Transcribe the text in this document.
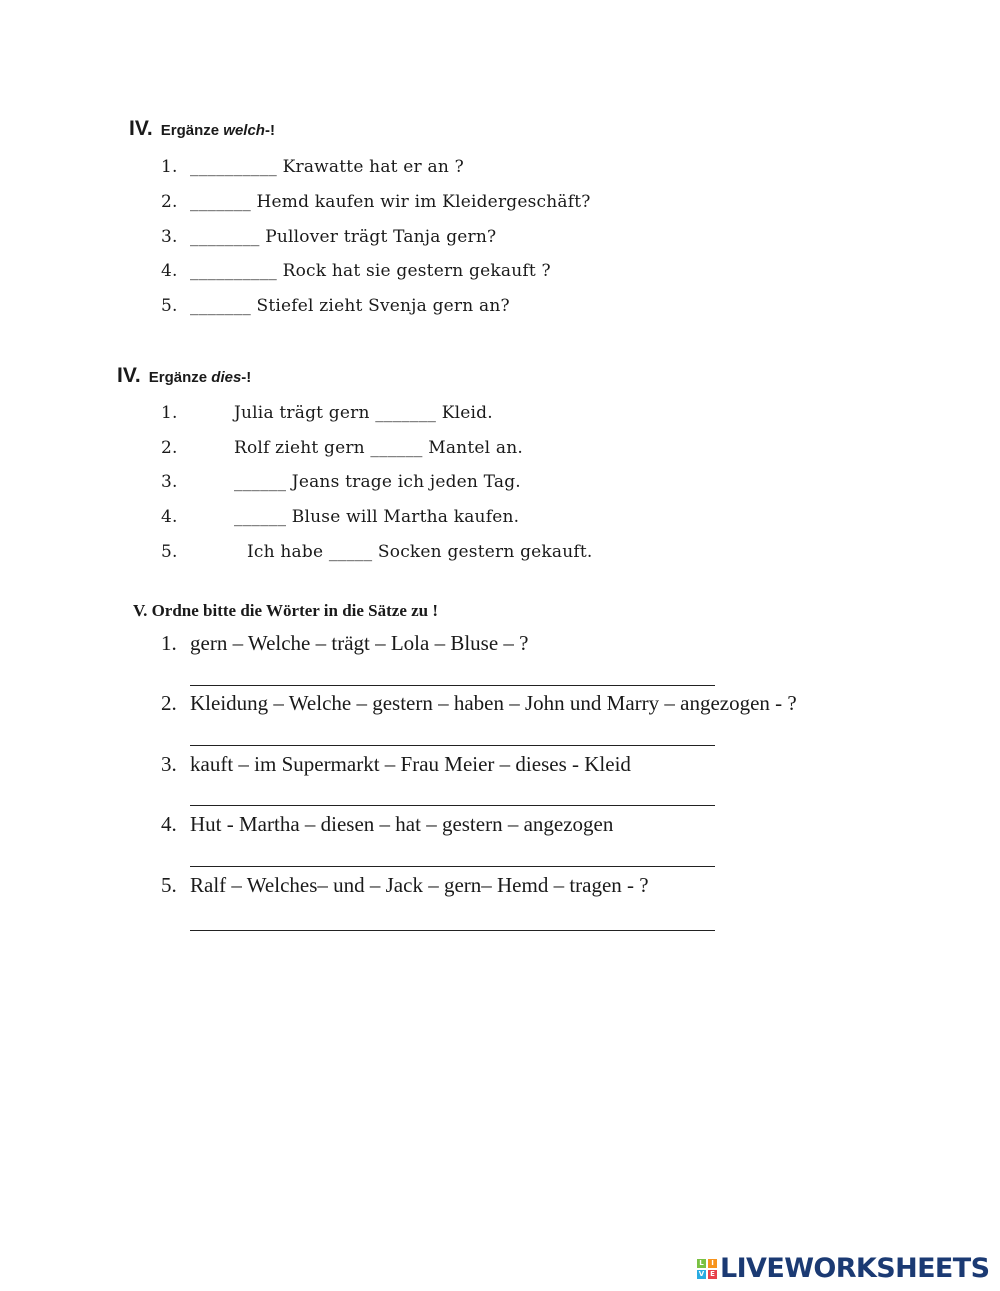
IV. Ergänze welch-!
1. __________ Krawatte hat er an ?
2. _______ Hemd kaufen wir im Kleidergeschäft?
3. ________ Pullover trägt Tanja gern?
4. __________ Rock hat sie gestern gekauft ?
5. _______ Stiefel zieht Svenja gern an?
IV. Ergänze dies-!
1.	Julia trägt gern _______ Kleid.
2.	Rolf zieht gern ______ Mantel an.
3.	______ Jeans trage ich jeden Tag.
4.	______ Bluse will Martha kaufen.
5.	Ich habe _____ Socken gestern gekauft.
V. Ordne bitte die Wörter in die Sätze zu !
1. gern – Welche – trägt – Lola – Bluse – ?
2. Kleidung – Welche – gestern – haben – John und Marry – angezogen - ?
3. kauft – im Supermarkt – Frau Meier – dieses - Kleid
4. Hut - Martha – diesen – hat – gestern – angezogen
5. Ralf – Welches– und – Jack – gern– Hemd – tragen - ?
L	I
V E LIVEWORKSHEETS
